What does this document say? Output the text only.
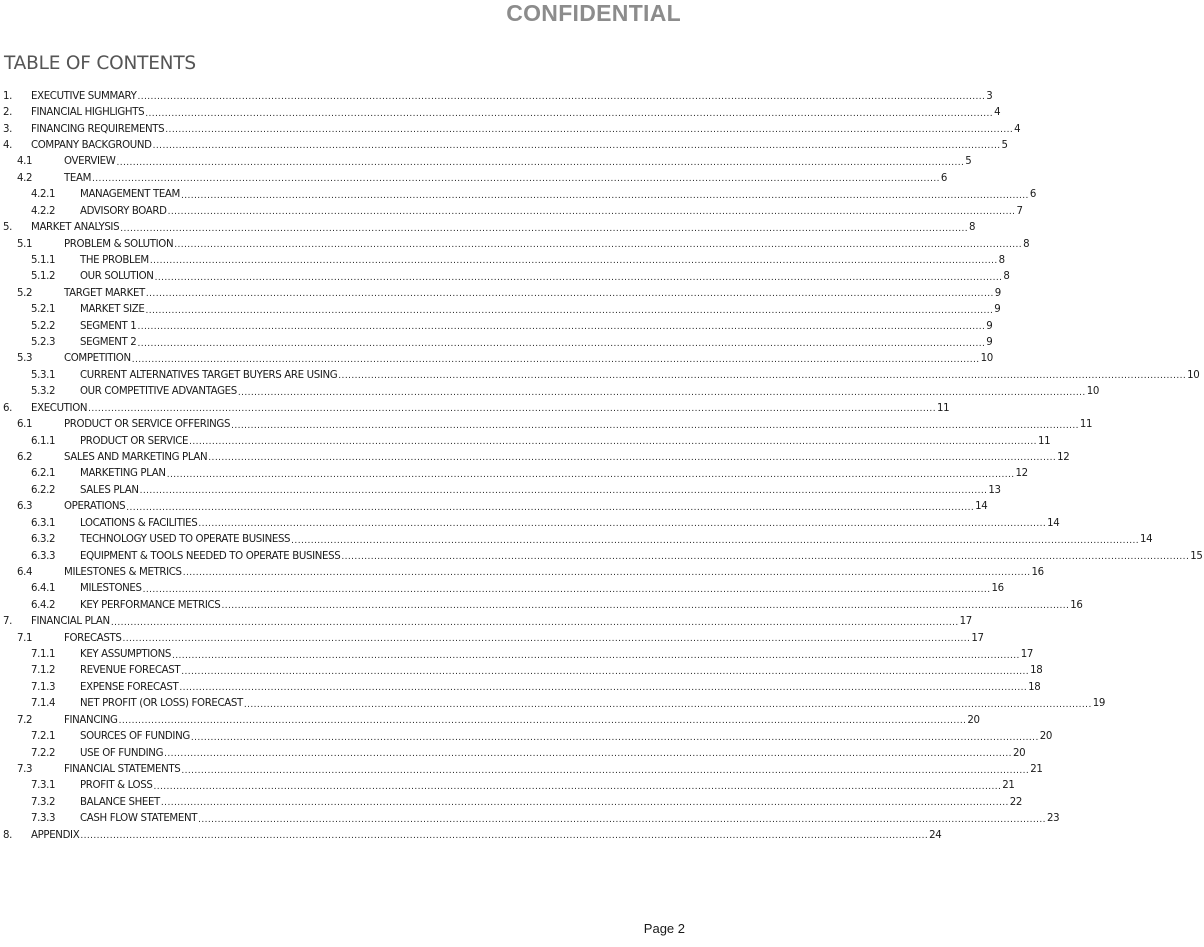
CONFIDENTIAL
TABLE OF CONTENTS
1.	EXECUTIVE SUMMARY .................................................................................................................................................................................................................................................................... 3
2.	FINANCIAL HIGHLIGHTS .................................................................................................................................................................................................................................................................... 4
3.	FINANCING REQUIREMENTS .................................................................................................................................................................................................................................................................... 4
4.	COMPANY BACKGROUND .................................................................................................................................................................................................................................................................... 5
4.1	OVERVIEW .................................................................................................................................................................................................................................................................... 5
4.2	TEAM .................................................................................................................................................................................................................................................................... 6
4.2.1	MANAGEMENT TEAM .................................................................................................................................................................................................................................................................... 6
4.2.2	ADVISORY BOARD .................................................................................................................................................................................................................................................................... 7
5.	MARKET ANALYSIS .................................................................................................................................................................................................................................................................... 8
5.1	PROBLEM & SOLUTION .................................................................................................................................................................................................................................................................... 8
5.1.1	THE PROBLEM .................................................................................................................................................................................................................................................................... 8
5.1.2	OUR SOLUTION .................................................................................................................................................................................................................................................................... 8
5.2	TARGET MARKET .................................................................................................................................................................................................................................................................... 9
5.2.1	MARKET SIZE .................................................................................................................................................................................................................................................................... 9
5.2.2	SEGMENT 1 .................................................................................................................................................................................................................................................................... 9
5.2.3	SEGMENT 2 .................................................................................................................................................................................................................................................................... 9
5.3	COMPETITION .................................................................................................................................................................................................................................................................... 10
5.3.1	CURRENT ALTERNATIVES TARGET BUYERS ARE USING .................................................................................................................................................................................................................................................................... 10
5.3.2	OUR COMPETITIVE ADVANTAGES .................................................................................................................................................................................................................................................................... 10
6.	EXECUTION .................................................................................................................................................................................................................................................................... 11
6.1	PRODUCT OR SERVICE OFFERINGS .................................................................................................................................................................................................................................................................... 11
6.1.1	PRODUCT OR SERVICE .................................................................................................................................................................................................................................................................... 11
6.2	SALES AND MARKETING PLAN .................................................................................................................................................................................................................................................................... 12
6.2.1	MARKETING PLAN .................................................................................................................................................................................................................................................................... 12
6.2.2	SALES PLAN .................................................................................................................................................................................................................................................................... 13
6.3	OPERATIONS .................................................................................................................................................................................................................................................................... 14
6.3.1	LOCATIONS & FACILITIES .................................................................................................................................................................................................................................................................... 14
6.3.2	TECHNOLOGY USED TO OPERATE BUSINESS .................................................................................................................................................................................................................................................................... 14
6.3.3	EQUIPMENT & TOOLS NEEDED TO OPERATE BUSINESS .................................................................................................................................................................................................................................................................... 15
6.4	MILESTONES & METRICS .................................................................................................................................................................................................................................................................... 16
6.4.1	MILESTONES .................................................................................................................................................................................................................................................................... 16
6.4.2	KEY PERFORMANCE METRICS .................................................................................................................................................................................................................................................................... 16
7.	FINANCIAL PLAN .................................................................................................................................................................................................................................................................... 17
7.1	FORECASTS .................................................................................................................................................................................................................................................................... 17
7.1.1	KEY ASSUMPTIONS .................................................................................................................................................................................................................................................................... 17
7.1.2	REVENUE FORECAST .................................................................................................................................................................................................................................................................... 18
7.1.3	EXPENSE FORECAST .................................................................................................................................................................................................................................................................... 18
7.1.4	NET PROFIT (OR LOSS) FORECAST .................................................................................................................................................................................................................................................................... 19
7.2	FINANCING .................................................................................................................................................................................................................................................................... 20
7.2.1	SOURCES OF FUNDING .................................................................................................................................................................................................................................................................... 20
7.2.2	USE OF FUNDING .................................................................................................................................................................................................................................................................... 20
7.3	FINANCIAL STATEMENTS .................................................................................................................................................................................................................................................................... 21
7.3.1	PROFIT & LOSS .................................................................................................................................................................................................................................................................... 21
7.3.2	BALANCE SHEET .................................................................................................................................................................................................................................................................... 22
7.3.3	CASH FLOW STATEMENT .................................................................................................................................................................................................................................................................... 23
8.	APPENDIX .................................................................................................................................................................................................................................................................... 24
Page 2
